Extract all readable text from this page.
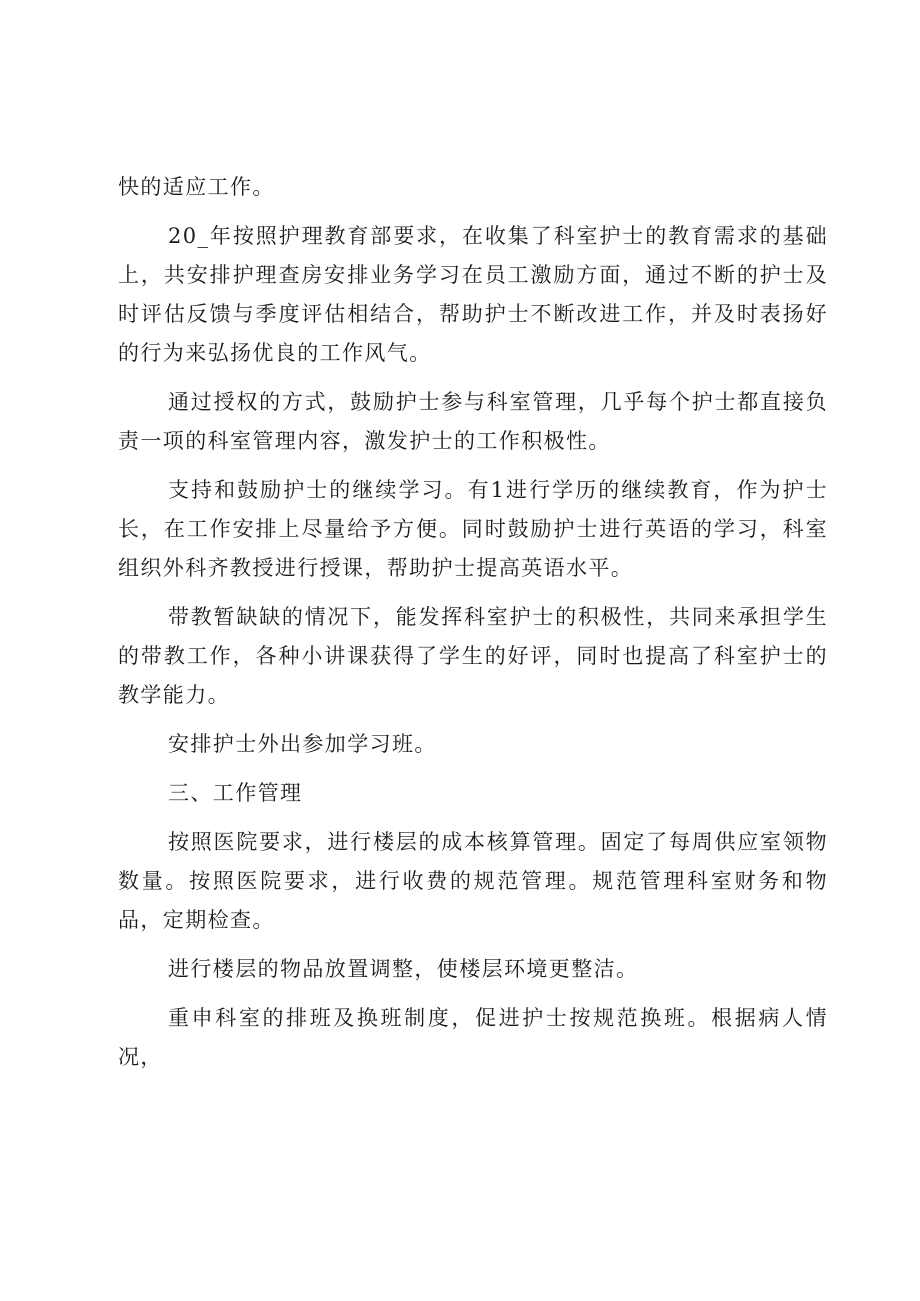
快的适应工作。

20_年按照护理教育部要求，在收集了科室护士的教育需求的基础上，共安排护理查房安排业务学习在员工激励方面，通过不断的护士及时评估反馈与季度评估相结合，帮助护士不断改进工作，并及时表扬好的行为来弘扬优良的工作风气。

通过授权的方式，鼓励护士参与科室管理，几乎每个护士都直接负责一项的科室管理内容，激发护士的工作积极性。

支持和鼓励护士的继续学习。有1进行学历的继续教育，作为护士长，在工作安排上尽量给予方便。同时鼓励护士进行英语的学习，科室组织外科齐教授进行授课，帮助护士提高英语水平。

带教暂缺缺的情况下，能发挥科室护士的积极性，共同来承担学生的带教工作，各种小讲课获得了学生的好评，同时也提高了科室护士的教学能力。

安排护士外出参加学习班。

三、工作管理

按照医院要求，进行楼层的成本核算管理。固定了每周供应室领物数量。按照医院要求，进行收费的规范管理。规范管理科室财务和物品，定期检查。

进行楼层的物品放置调整，使楼层环境更整洁。

重申科室的排班及换班制度，促进护士按规范换班。根据病人情况，
